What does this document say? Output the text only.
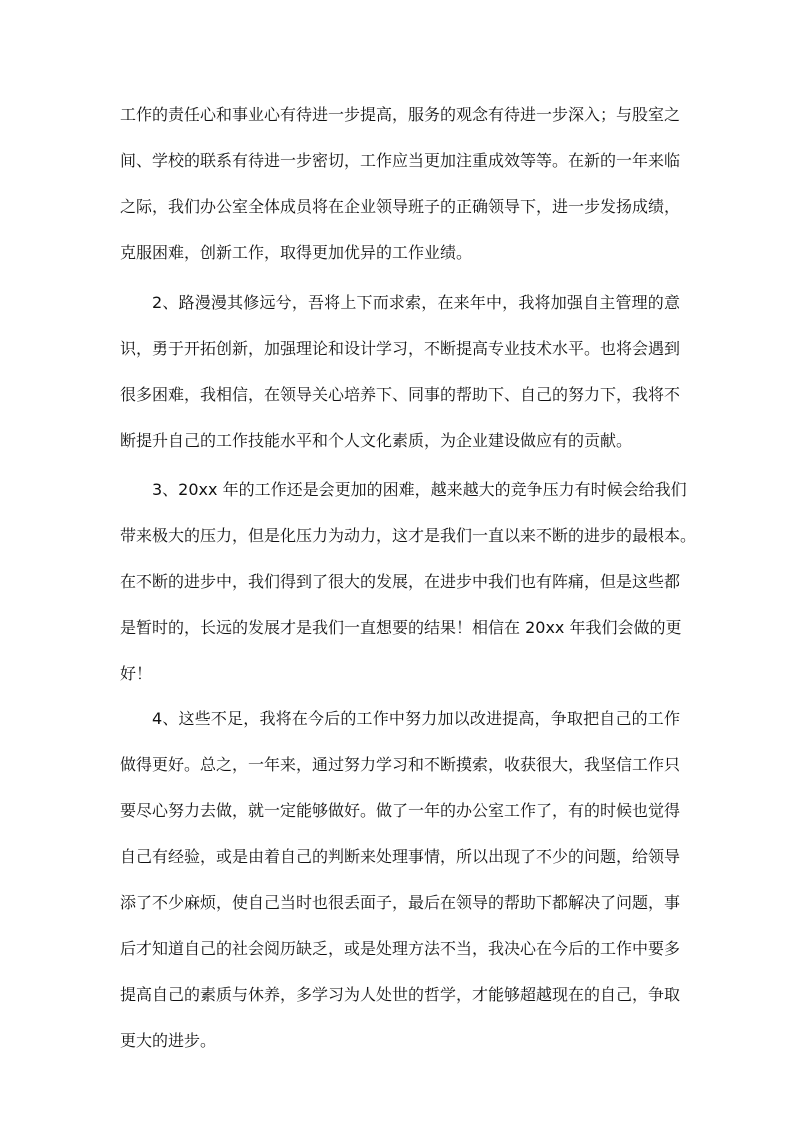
工作的责任心和事业心有待进一步提高，服务的观念有待进一步深入；与股室之
间、学校的联系有待进一步密切，工作应当更加注重成效等等。在新的一年来临
之际，我们办公室全体成员将在企业领导班子的正确领导下，进一步发扬成绩，
克服困难，创新工作，取得更加优异的工作业绩。
2、路漫漫其修远兮，吾将上下而求索，在来年中，我将加强自主管理的意
识，勇于开拓创新，加强理论和设计学习，不断提高专业技术水平。也将会遇到
很多困难，我相信，在领导关心培养下、同事的帮助下、自己的努力下，我将不
断提升自己的工作技能水平和个人文化素质，为企业建设做应有的贡献。
3、20xx 年的工作还是会更加的困难，越来越大的竞争压力有时候会给我们
带来极大的压力，但是化压力为动力，这才是我们一直以来不断的进步的最根本。
在不断的进步中，我们得到了很大的发展，在进步中我们也有阵痛，但是这些都
是暂时的，长远的发展才是我们一直想要的结果！相信在 20xx 年我们会做的更
好！
4、这些不足，我将在今后的工作中努力加以改进提高，争取把自己的工作
做得更好。总之，一年来，通过努力学习和不断摸索，收获很大，我坚信工作只
要尽心努力去做，就一定能够做好。做了一年的办公室工作了，有的时候也觉得
自己有经验，或是由着自己的判断来处理事情，所以出现了不少的问题，给领导
添了不少麻烦，使自己当时也很丢面子，最后在领导的帮助下都解决了问题，事
后才知道自己的社会阅历缺乏，或是处理方法不当，我决心在今后的工作中要多
提高自己的素质与休养，多学习为人处世的哲学，才能够超越现在的自己，争取
更大的进步。
